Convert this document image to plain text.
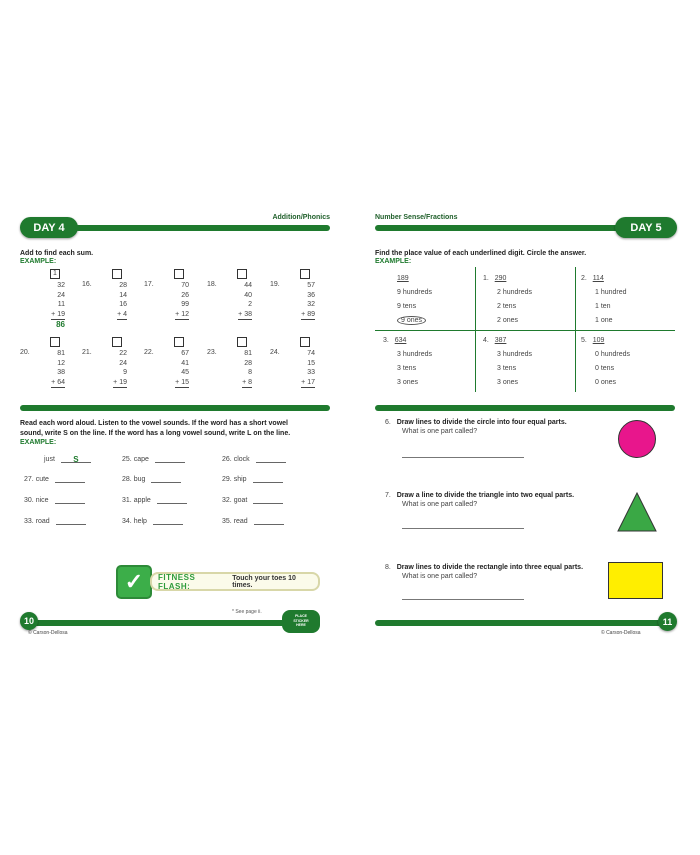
DAY 4
Addition/Phonics
Add to find each sum.
EXAMPLE:
1
32
24
11
+ 19
86
16.	28
14
16
+ 4
17.	70
26
99
+ 12
18.	44
40
2
+ 38
19.	57
36
32
+ 89
20.	81
12
38
+ 64
21.	22
24
9
+ 19
22.	67
41
45
+ 15
23.	81
28
8
+ 8
24.	74
15
33
+ 17
Read each word aloud. Listen to the vowel sounds. If the word has a short vowel
sound, write S on the line. If the word has a long vowel sound, write L on the line.
EXAMPLE:
just S	25. cape	26. clock
27. cute	28. bug	29. ship
30. nice	31. apple	32. goat
33. road	34. help	35. read
✓	FITNESS FLASH:

Touch your toes 10 times.
* See page ii.
10	PLACE
STICKER
HERE
© Carson-Dellosa
Number Sense/Fractions
DAY 5
Find the place value of each underlined digit. Circle the answer.
EXAMPLE:
189
9 hundreds
9 tens
9 ones
1. 290
2 hundreds
2 tens
2 ones
2. 114
1 hundred
1 ten
1 one
3. 634
3 hundreds
3 tens
3 ones
4. 387
3 hundreds
3 tens
3 ones
5. 109
0 hundreds
0 tens
0 ones
6. Draw lines to divide the circle into four equal parts.
What is one part called?
7. Draw a line to divide the triangle into two equal parts.
What is one part called?
8. Draw lines to divide the rectangle into three equal parts.
What is one part called?
11
© Carson-Dellosa
